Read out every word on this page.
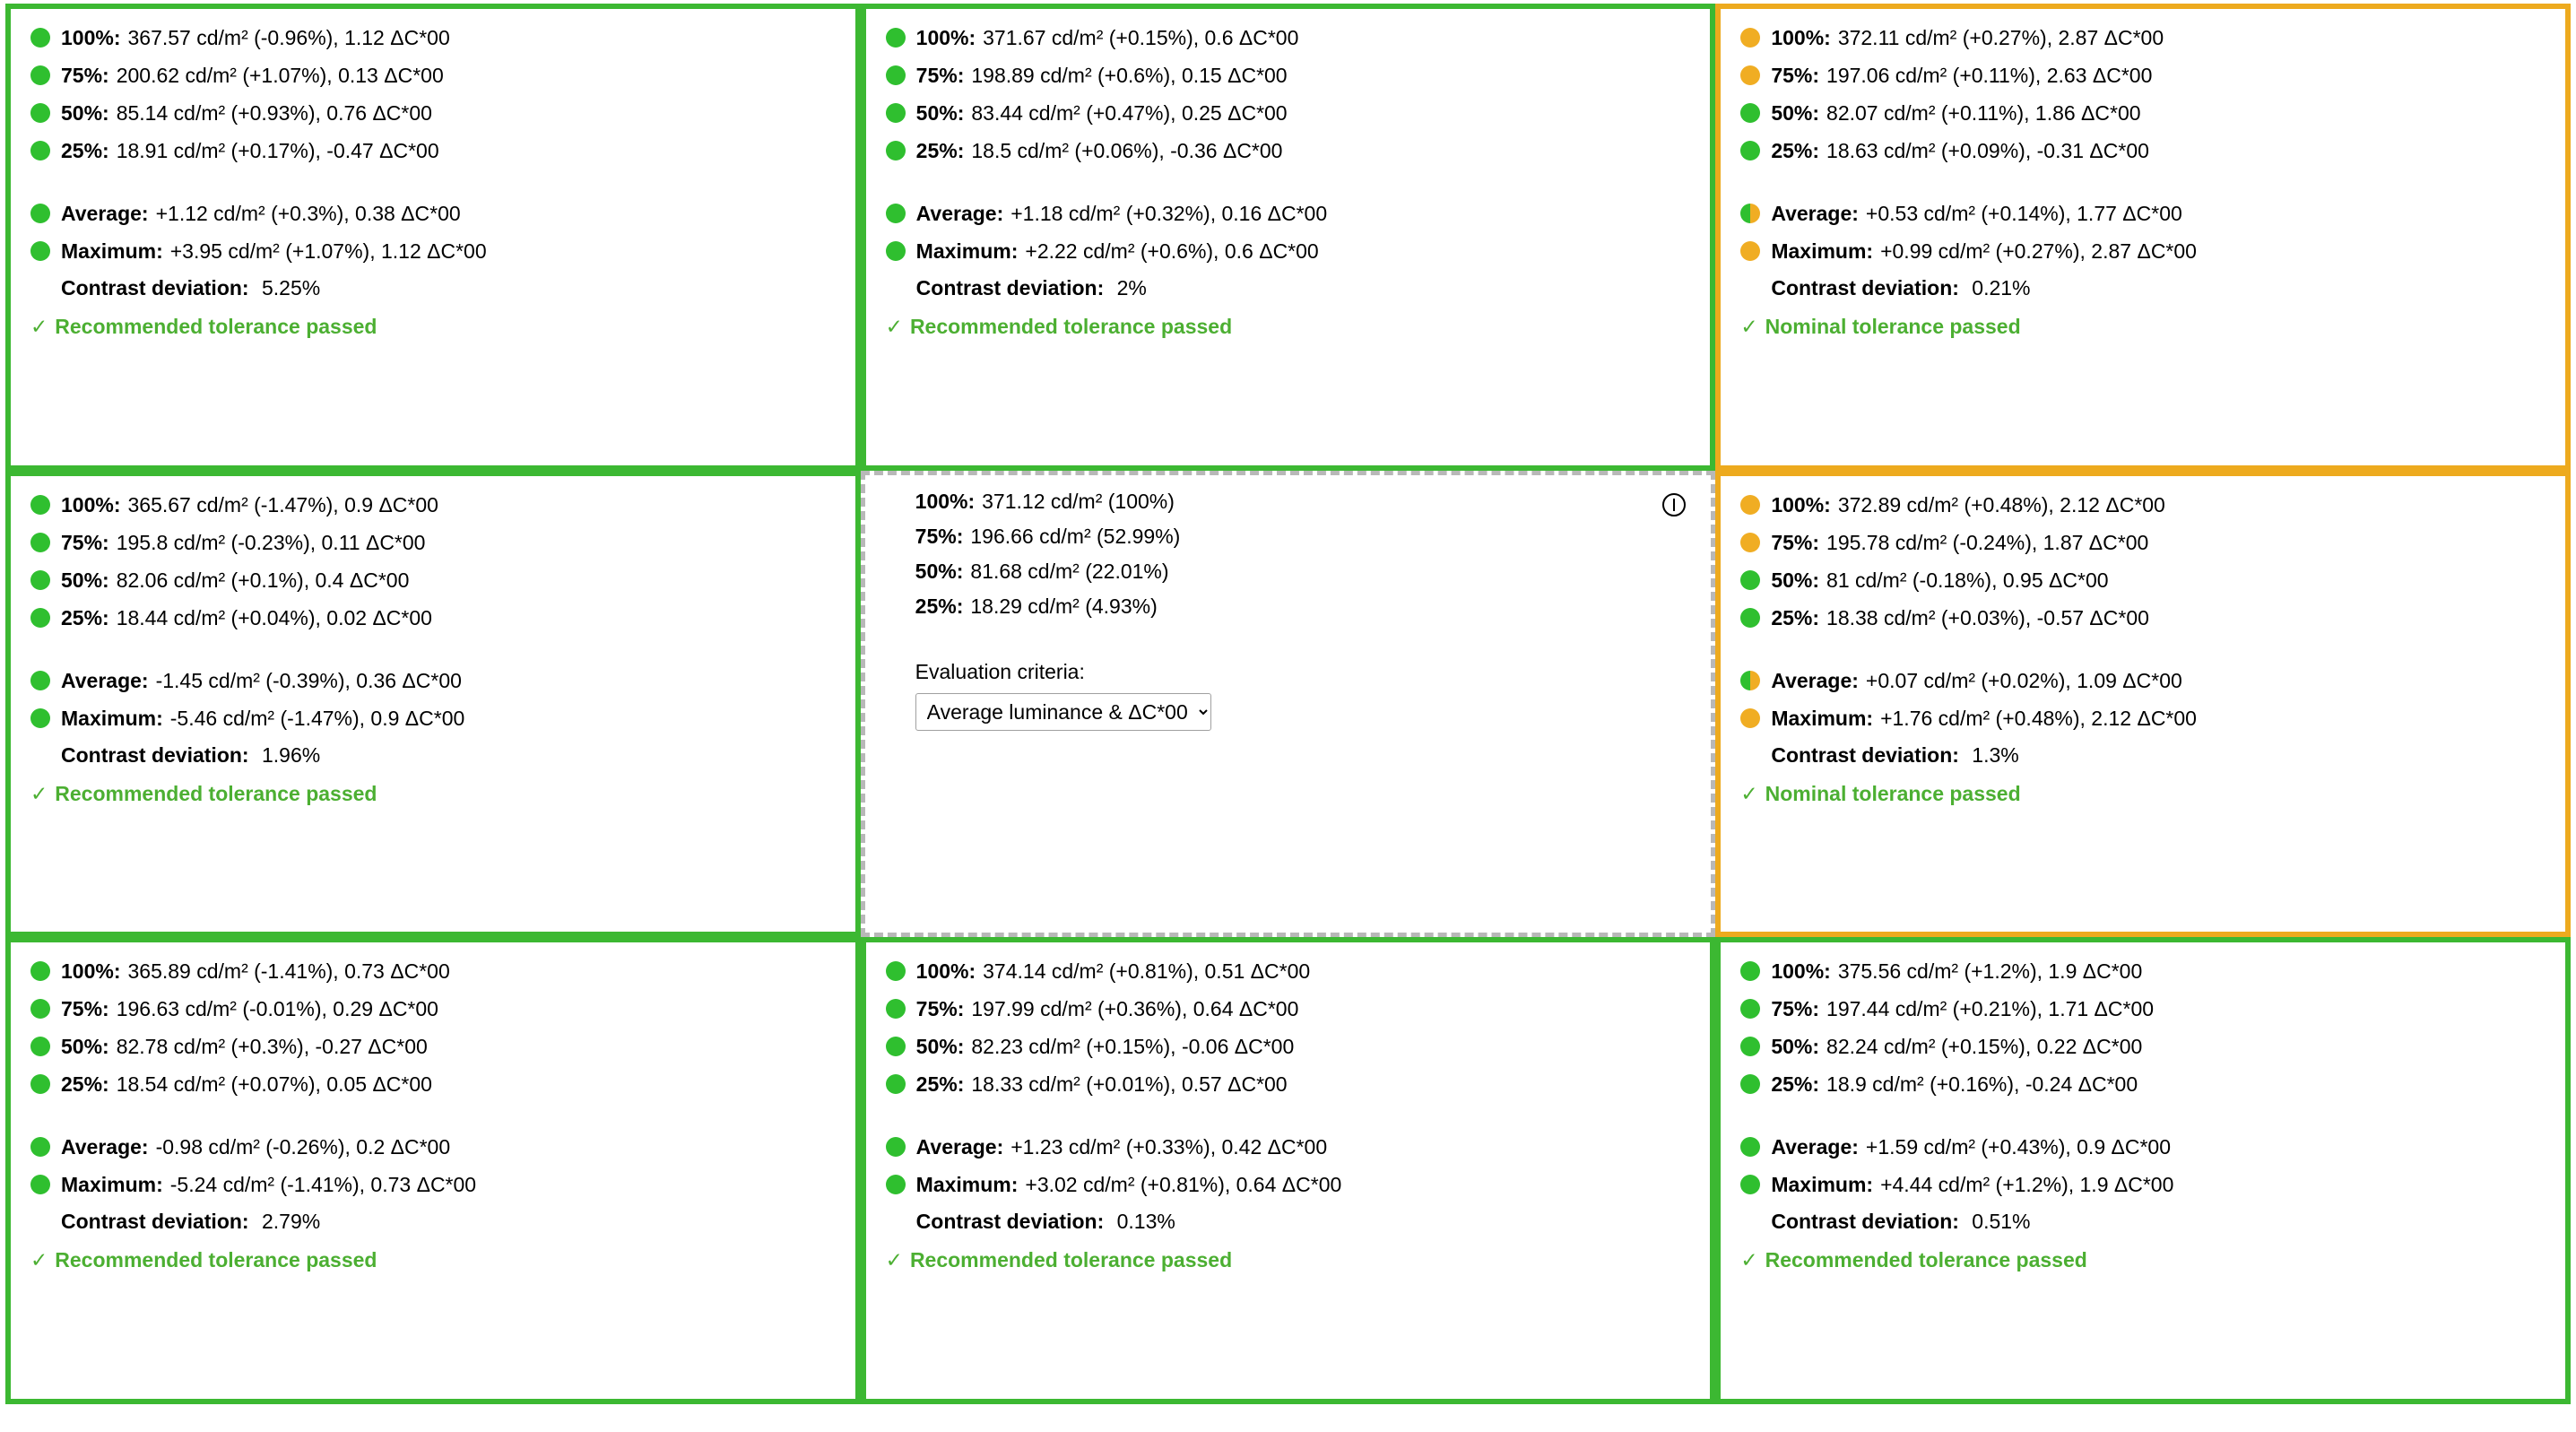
100%: 367.57 cd/m² (-0.96%), 1.12 ΔC*00
75%: 200.62 cd/m² (+1.07%), 0.13 ΔC*00
50%: 85.14 cd/m² (+0.93%), 0.76 ΔC*00
25%: 18.91 cd/m² (+0.17%), -0.47 ΔC*00
Average: +1.12 cd/m² (+0.3%), 0.38 ΔC*00
Maximum: +3.95 cd/m² (+1.07%), 1.12 ΔC*00
Contrast deviation: 5.25%
✓ Recommended tolerance passed
100%: 371.67 cd/m² (+0.15%), 0.6 ΔC*00
75%: 198.89 cd/m² (+0.6%), 0.15 ΔC*00
50%: 83.44 cd/m² (+0.47%), 0.25 ΔC*00
25%: 18.5 cd/m² (+0.06%), -0.36 ΔC*00
Average: +1.18 cd/m² (+0.32%), 0.16 ΔC*00
Maximum: +2.22 cd/m² (+0.6%), 0.6 ΔC*00
Contrast deviation: 2%
✓ Recommended tolerance passed
100%: 372.11 cd/m² (+0.27%), 2.87 ΔC*00
75%: 197.06 cd/m² (+0.11%), 2.63 ΔC*00
50%: 82.07 cd/m² (+0.11%), 1.86 ΔC*00
25%: 18.63 cd/m² (+0.09%), -0.31 ΔC*00
Average: +0.53 cd/m² (+0.14%), 1.77 ΔC*00
Maximum: +0.99 cd/m² (+0.27%), 2.87 ΔC*00
Contrast deviation: 0.21%
✓ Nominal tolerance passed
100%: 365.67 cd/m² (-1.47%), 0.9 ΔC*00
75%: 195.8 cd/m² (-0.23%), 0.11 ΔC*00
50%: 82.06 cd/m² (+0.1%), 0.4 ΔC*00
25%: 18.44 cd/m² (+0.04%), 0.02 ΔC*00
Average: -1.45 cd/m² (-0.39%), 0.36 ΔC*00
Maximum: -5.46 cd/m² (-1.47%), 0.9 ΔC*00
Contrast deviation: 1.96%
✓ Recommended tolerance passed
100%: 371.12 cd/m² (100%)
75%: 196.66 cd/m² (52.99%)
50%: 81.68 cd/m² (22.01%)
25%: 18.29 cd/m² (4.93%)
Evaluation criteria:
Average luminance & ΔC*00
100%: 372.89 cd/m² (+0.48%), 2.12 ΔC*00
75%: 195.78 cd/m² (-0.24%), 1.87 ΔC*00
50%: 81 cd/m² (-0.18%), 0.95 ΔC*00
25%: 18.38 cd/m² (+0.03%), -0.57 ΔC*00
Average: +0.07 cd/m² (+0.02%), 1.09 ΔC*00
Maximum: +1.76 cd/m² (+0.48%), 2.12 ΔC*00
Contrast deviation: 1.3%
✓ Nominal tolerance passed
100%: 365.89 cd/m² (-1.41%), 0.73 ΔC*00
75%: 196.63 cd/m² (-0.01%), 0.29 ΔC*00
50%: 82.78 cd/m² (+0.3%), -0.27 ΔC*00
25%: 18.54 cd/m² (+0.07%), 0.05 ΔC*00
Average: -0.98 cd/m² (-0.26%), 0.2 ΔC*00
Maximum: -5.24 cd/m² (-1.41%), 0.73 ΔC*00
Contrast deviation: 2.79%
✓ Recommended tolerance passed
100%: 374.14 cd/m² (+0.81%), 0.51 ΔC*00
75%: 197.99 cd/m² (+0.36%), 0.64 ΔC*00
50%: 82.23 cd/m² (+0.15%), -0.06 ΔC*00
25%: 18.33 cd/m² (+0.01%), 0.57 ΔC*00
Average: +1.23 cd/m² (+0.33%), 0.42 ΔC*00
Maximum: +3.02 cd/m² (+0.81%), 0.64 ΔC*00
Contrast deviation: 0.13%
✓ Recommended tolerance passed
100%: 375.56 cd/m² (+1.2%), 1.9 ΔC*00
75%: 197.44 cd/m² (+0.21%), 1.71 ΔC*00
50%: 82.24 cd/m² (+0.15%), 0.22 ΔC*00
25%: 18.9 cd/m² (+0.16%), -0.24 ΔC*00
Average: +1.59 cd/m² (+0.43%), 0.9 ΔC*00
Maximum: +4.44 cd/m² (+1.2%), 1.9 ΔC*00
Contrast deviation: 0.51%
✓ Recommended tolerance passed
